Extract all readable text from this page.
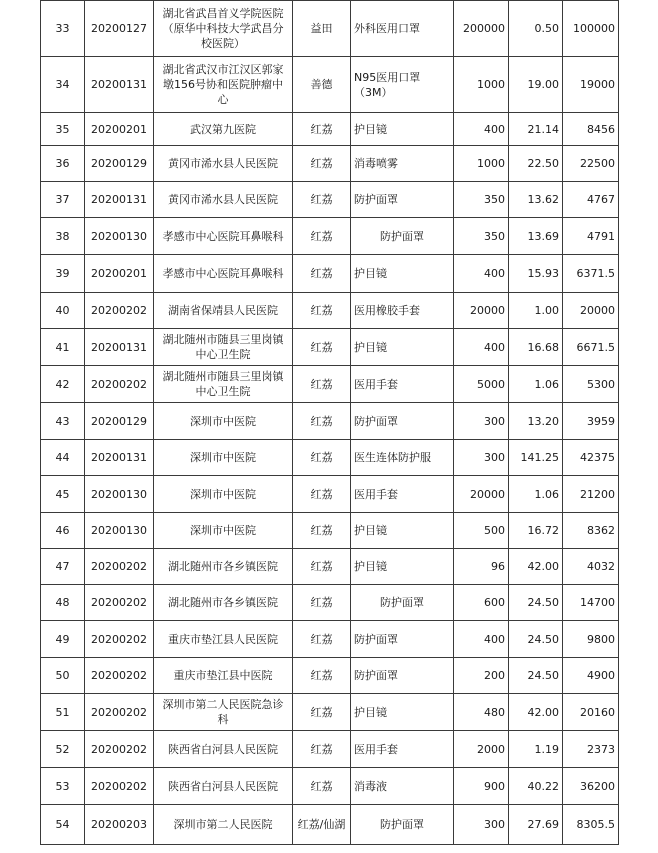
33	20200127	湖北省武昌首义学院医院（原华中科技大学武昌分校医院）	益田	外科医用口罩	200000	0.50	100000
34	20200131	湖北省武汉市江汉区郭家墩156号协和医院肿瘤中心	善德	N95医用口罩（3M）	1000	19.00	19000
35	20200201	武汉第九医院	红荔	护目镜	400	21.14	8456
36	20200129	黄冈市浠水县人民医院	红荔	消毒喷雾	1000	22.50	22500
37	20200131	黄冈市浠水县人民医院	红荔	防护面罩	350	13.62	4767
38	20200130	孝感市中心医院耳鼻喉科	红荔	防护面罩	350	13.69	4791
39	20200201	孝感市中心医院耳鼻喉科	红荔	护目镜	400	15.93	6371.5
40	20200202	湖南省保靖县人民医院	红荔	医用橡胶手套	20000	1.00	20000
41	20200131	湖北随州市随县三里岗镇中心卫生院	红荔	护目镜	400	16.68	6671.5
42	20200202	湖北随州市随县三里岗镇中心卫生院	红荔	医用手套	5000	1.06	5300
43	20200129	深圳市中医院	红荔	防护面罩	300	13.20	3959
44	20200131	深圳市中医院	红荔	医生连体防护服	300	141.25	42375
45	20200130	深圳市中医院	红荔	医用手套	20000	1.06	21200
46	20200130	深圳市中医院	红荔	护目镜	500	16.72	8362
47	20200202	湖北随州市各乡镇医院	红荔	护目镜	96	42.00	4032
48	20200202	湖北随州市各乡镇医院	红荔	防护面罩	600	24.50	14700
49	20200202	重庆市垫江县人民医院	红荔	防护面罩	400	24.50	9800
50	20200202	重庆市垫江县中医院	红荔	防护面罩	200	24.50	4900
51	20200202	深圳市第二人民医院急诊科	红荔	护目镜	480	42.00	20160
52	20200202	陕西省白河县人民医院	红荔	医用手套	2000	1.19	2373
53	20200202	陕西省白河县人民医院	红荔	消毒液	900	40.22	36200
54	20200203	深圳市第二人民医院	红荔/仙湖	防护面罩	300	27.69	8305.5
